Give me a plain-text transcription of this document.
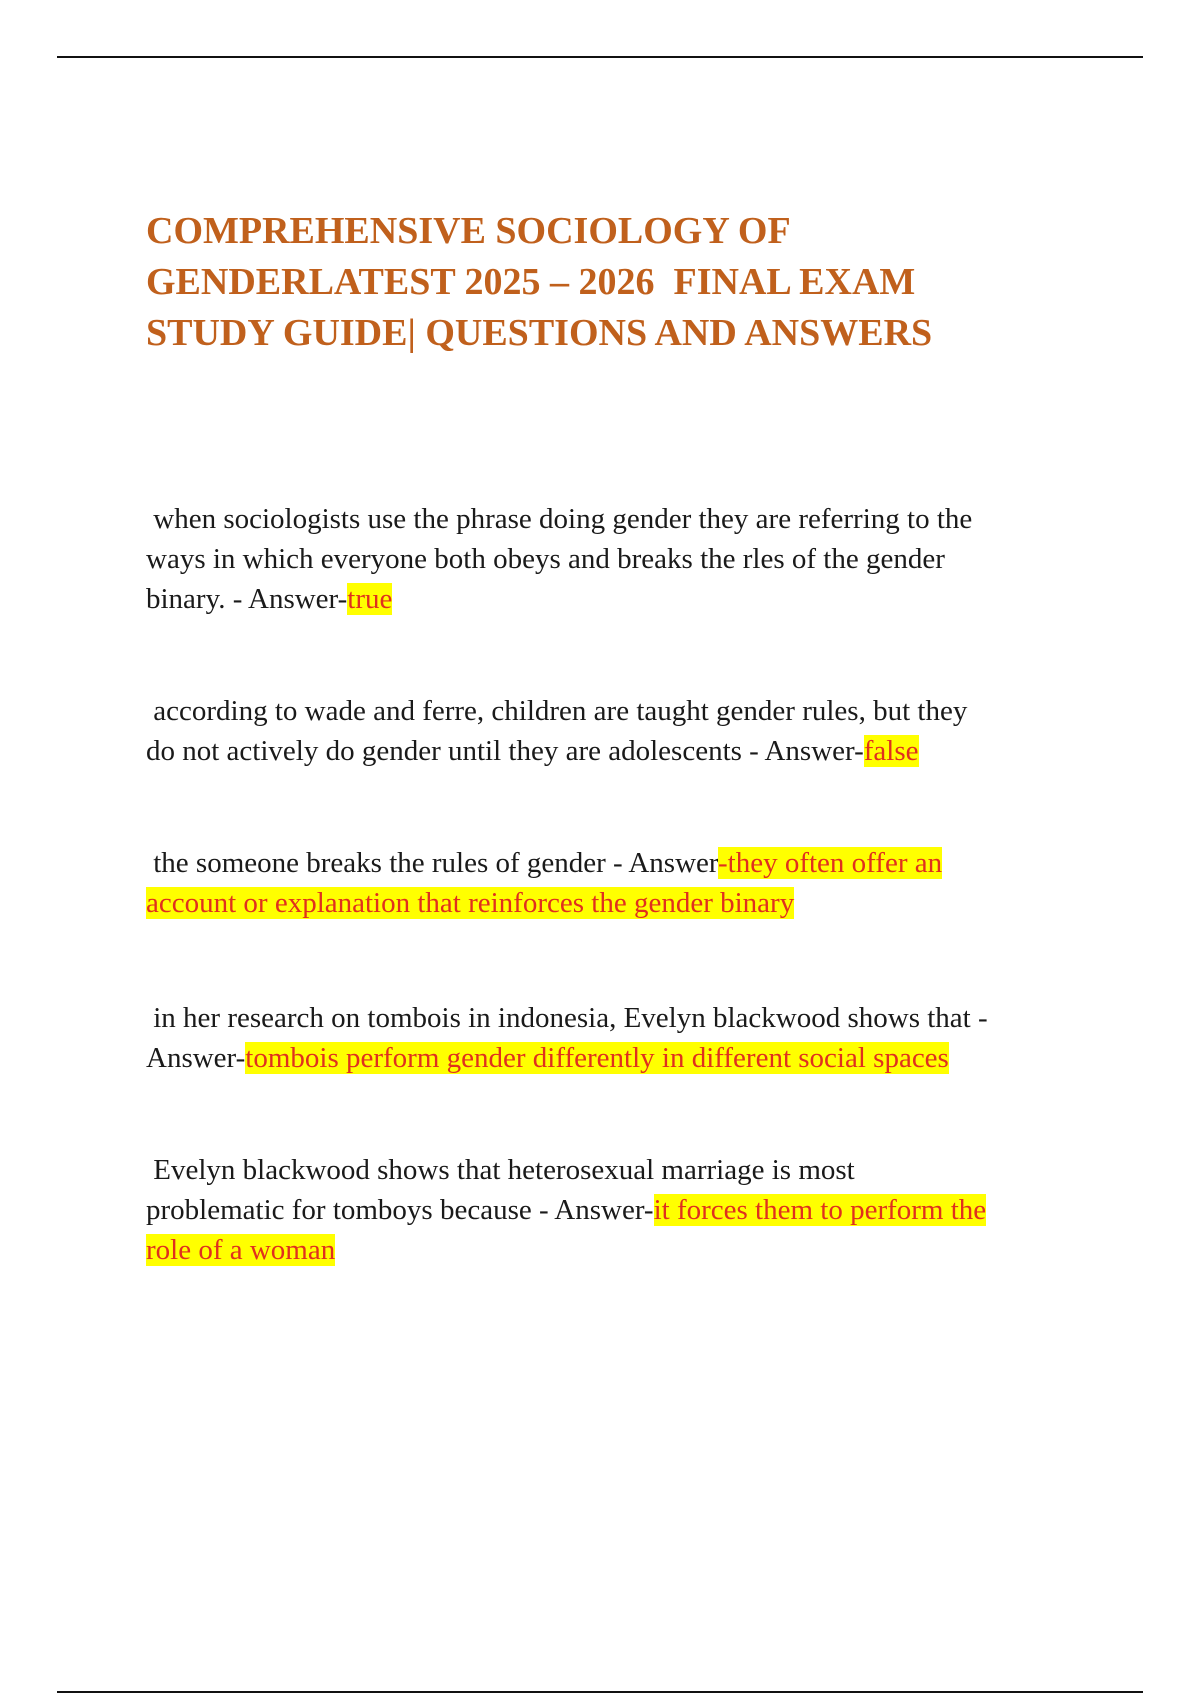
COMPREHENSIVE SOCIOLOGY OF
GENDERLATEST 2025 – 2026  FINAL EXAM
STUDY GUIDE| QUESTIONS AND ANSWERS

when sociologists use the phrase doing gender they are referring to the
ways in which everyone both obeys and breaks the rles of the gender
binary. - Answer-true

according to wade and ferre, children are taught gender rules, but they
do not actively do gender until they are adolescents - Answer-false

the someone breaks the rules of gender - Answer-they often offer an
account or explanation that reinforces the gender binary

in her research on tombois in indonesia, Evelyn blackwood shows that -
Answer-tombois perform gender differently in different social spaces

Evelyn blackwood shows that heterosexual marriage is most
problematic for tomboys because - Answer-it forces them to perform the
role of a woman
